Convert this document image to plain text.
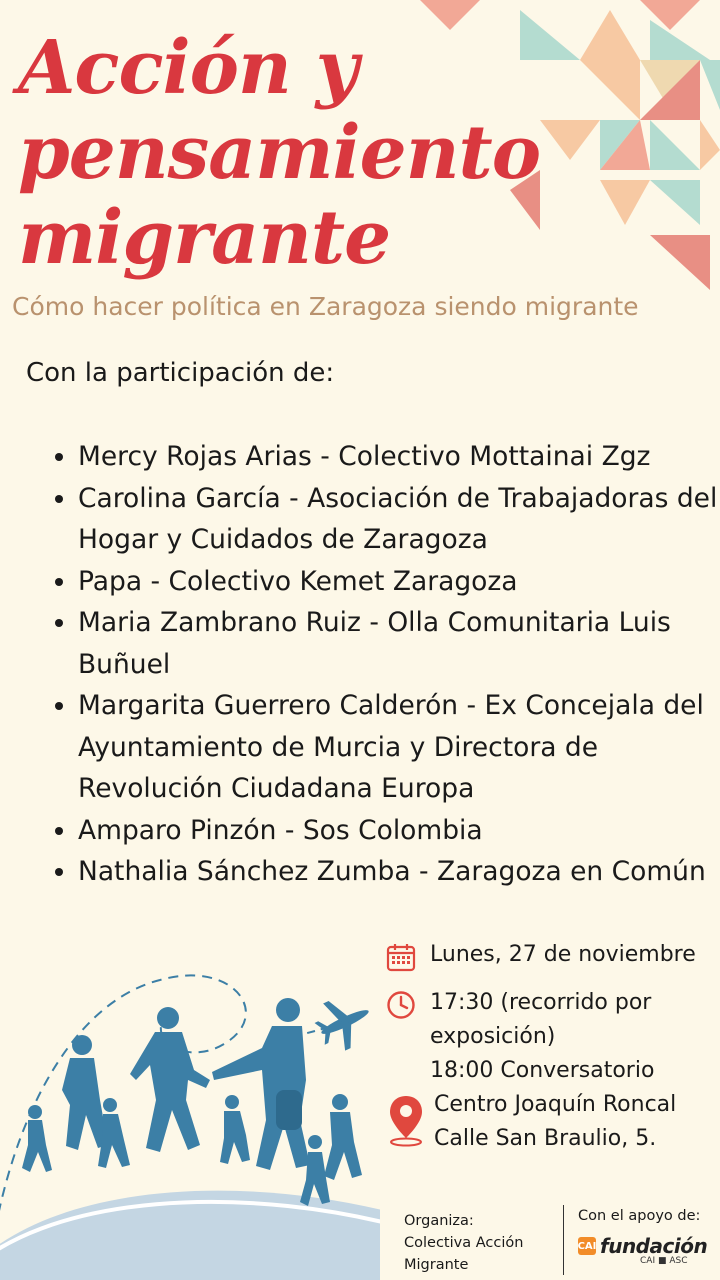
Acción y
pensamiento
migrante
Cómo hacer política en Zaragoza siendo migrante
Con la participación de:
• Mercy Rojas Arias - Colectivo Mottainai Zgz
• Carolina García - Asociación de Trabajadoras del Hogar y Cuidados de Zaragoza
• Papa - Colectivo Kemet Zaragoza
• Maria Zambrano Ruiz - Olla Comunitaria Luis Buñuel
• Margarita Guerrero Calderón - Ex Concejala del Ayuntamiento de Murcia y Directora de Revolución Ciudadana Europa
• Amparo Pinzón - Sos Colombia
• Nathalia Sánchez Zumba - Zaragoza en Común
Lunes, 27 de noviembre
17:30 (recorrido por
exposición)
18:00 Conversatorio
Centro Joaquín Roncal
Calle San Braulio, 5.
Organiza:
Colectiva Acción
Migrante
Con el apoyo de:
CAI fundación
CAI ■ ASC
